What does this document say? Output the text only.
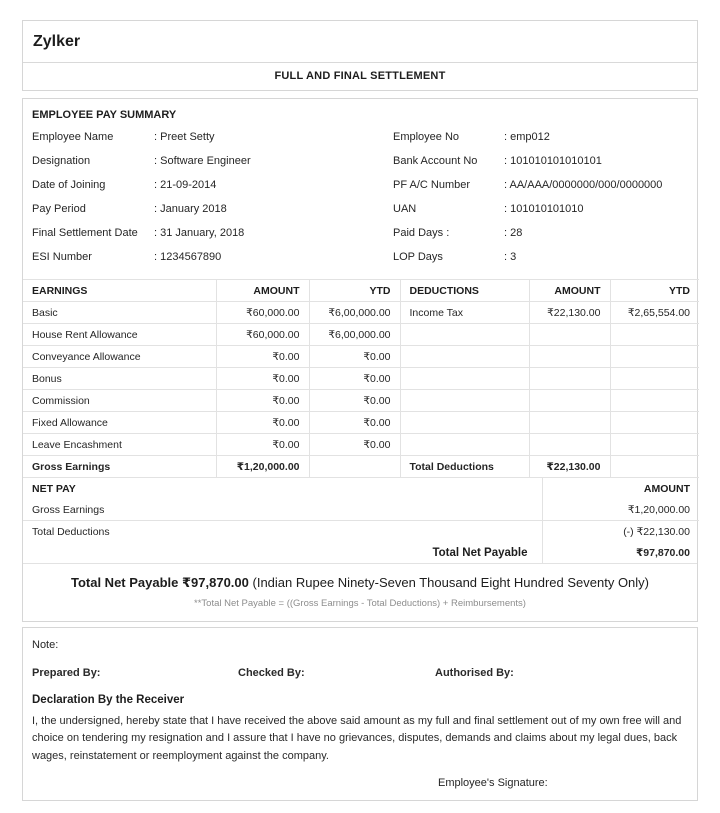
Zylker
FULL AND FINAL SETTLEMENT
EMPLOYEE PAY SUMMARY
Employee Name	: Preet Setty
Designation	: Software Engineer
Date of Joining	: 21-09-2014
Pay Period	: January 2018
Final Settlement Date	: 31 January, 2018
ESI Number	: 1234567890
Employee No	: emp012
Bank Account No	: 101010101010101
PF A/C Number	: AA/AAA/0000000/000/0000000
UAN	: 101010101010
Paid Days :	: 28
LOP Days	: 3
EARNINGS	AMOUNT	YTD	DEDUCTIONS	AMOUNT	YTD
Basic	₹60,000.00	₹6,00,000.00	Income Tax	₹22,130.00	₹2,65,554.00
House Rent Allowance	₹60,000.00	₹6,00,000.00			
Conveyance Allowance	₹0.00	₹0.00			
Bonus	₹0.00	₹0.00			
Commission	₹0.00	₹0.00			
Fixed Allowance	₹0.00	₹0.00			
Leave Encashment	₹0.00	₹0.00			
Gross Earnings	₹1,20,000.00		Total Deductions	₹22,130.00	
NET PAY	AMOUNT
Gross Earnings	₹1,20,000.00
Total Deductions	(-) ₹22,130.00
Total Net Payable	₹97,870.00
Total Net Payable ₹97,870.00 (Indian Rupee Ninety-Seven Thousand Eight Hundred Seventy Only)
**Total Net Payable = ((Gross Earnings - Total Deductions) + Reimbursements)
Note:
Prepared By:	Checked By:	Authorised By:
Declaration By the Receiver

I, the undersigned, hereby state that I have received the above said amount as my full and final settlement out of my own free will and choice on tendering my resignation and I assure that I have no grievances, disputes, demands and claims about my legal dues, back wages, reinstatement or reemployment against the company.

Employee's Signature:
